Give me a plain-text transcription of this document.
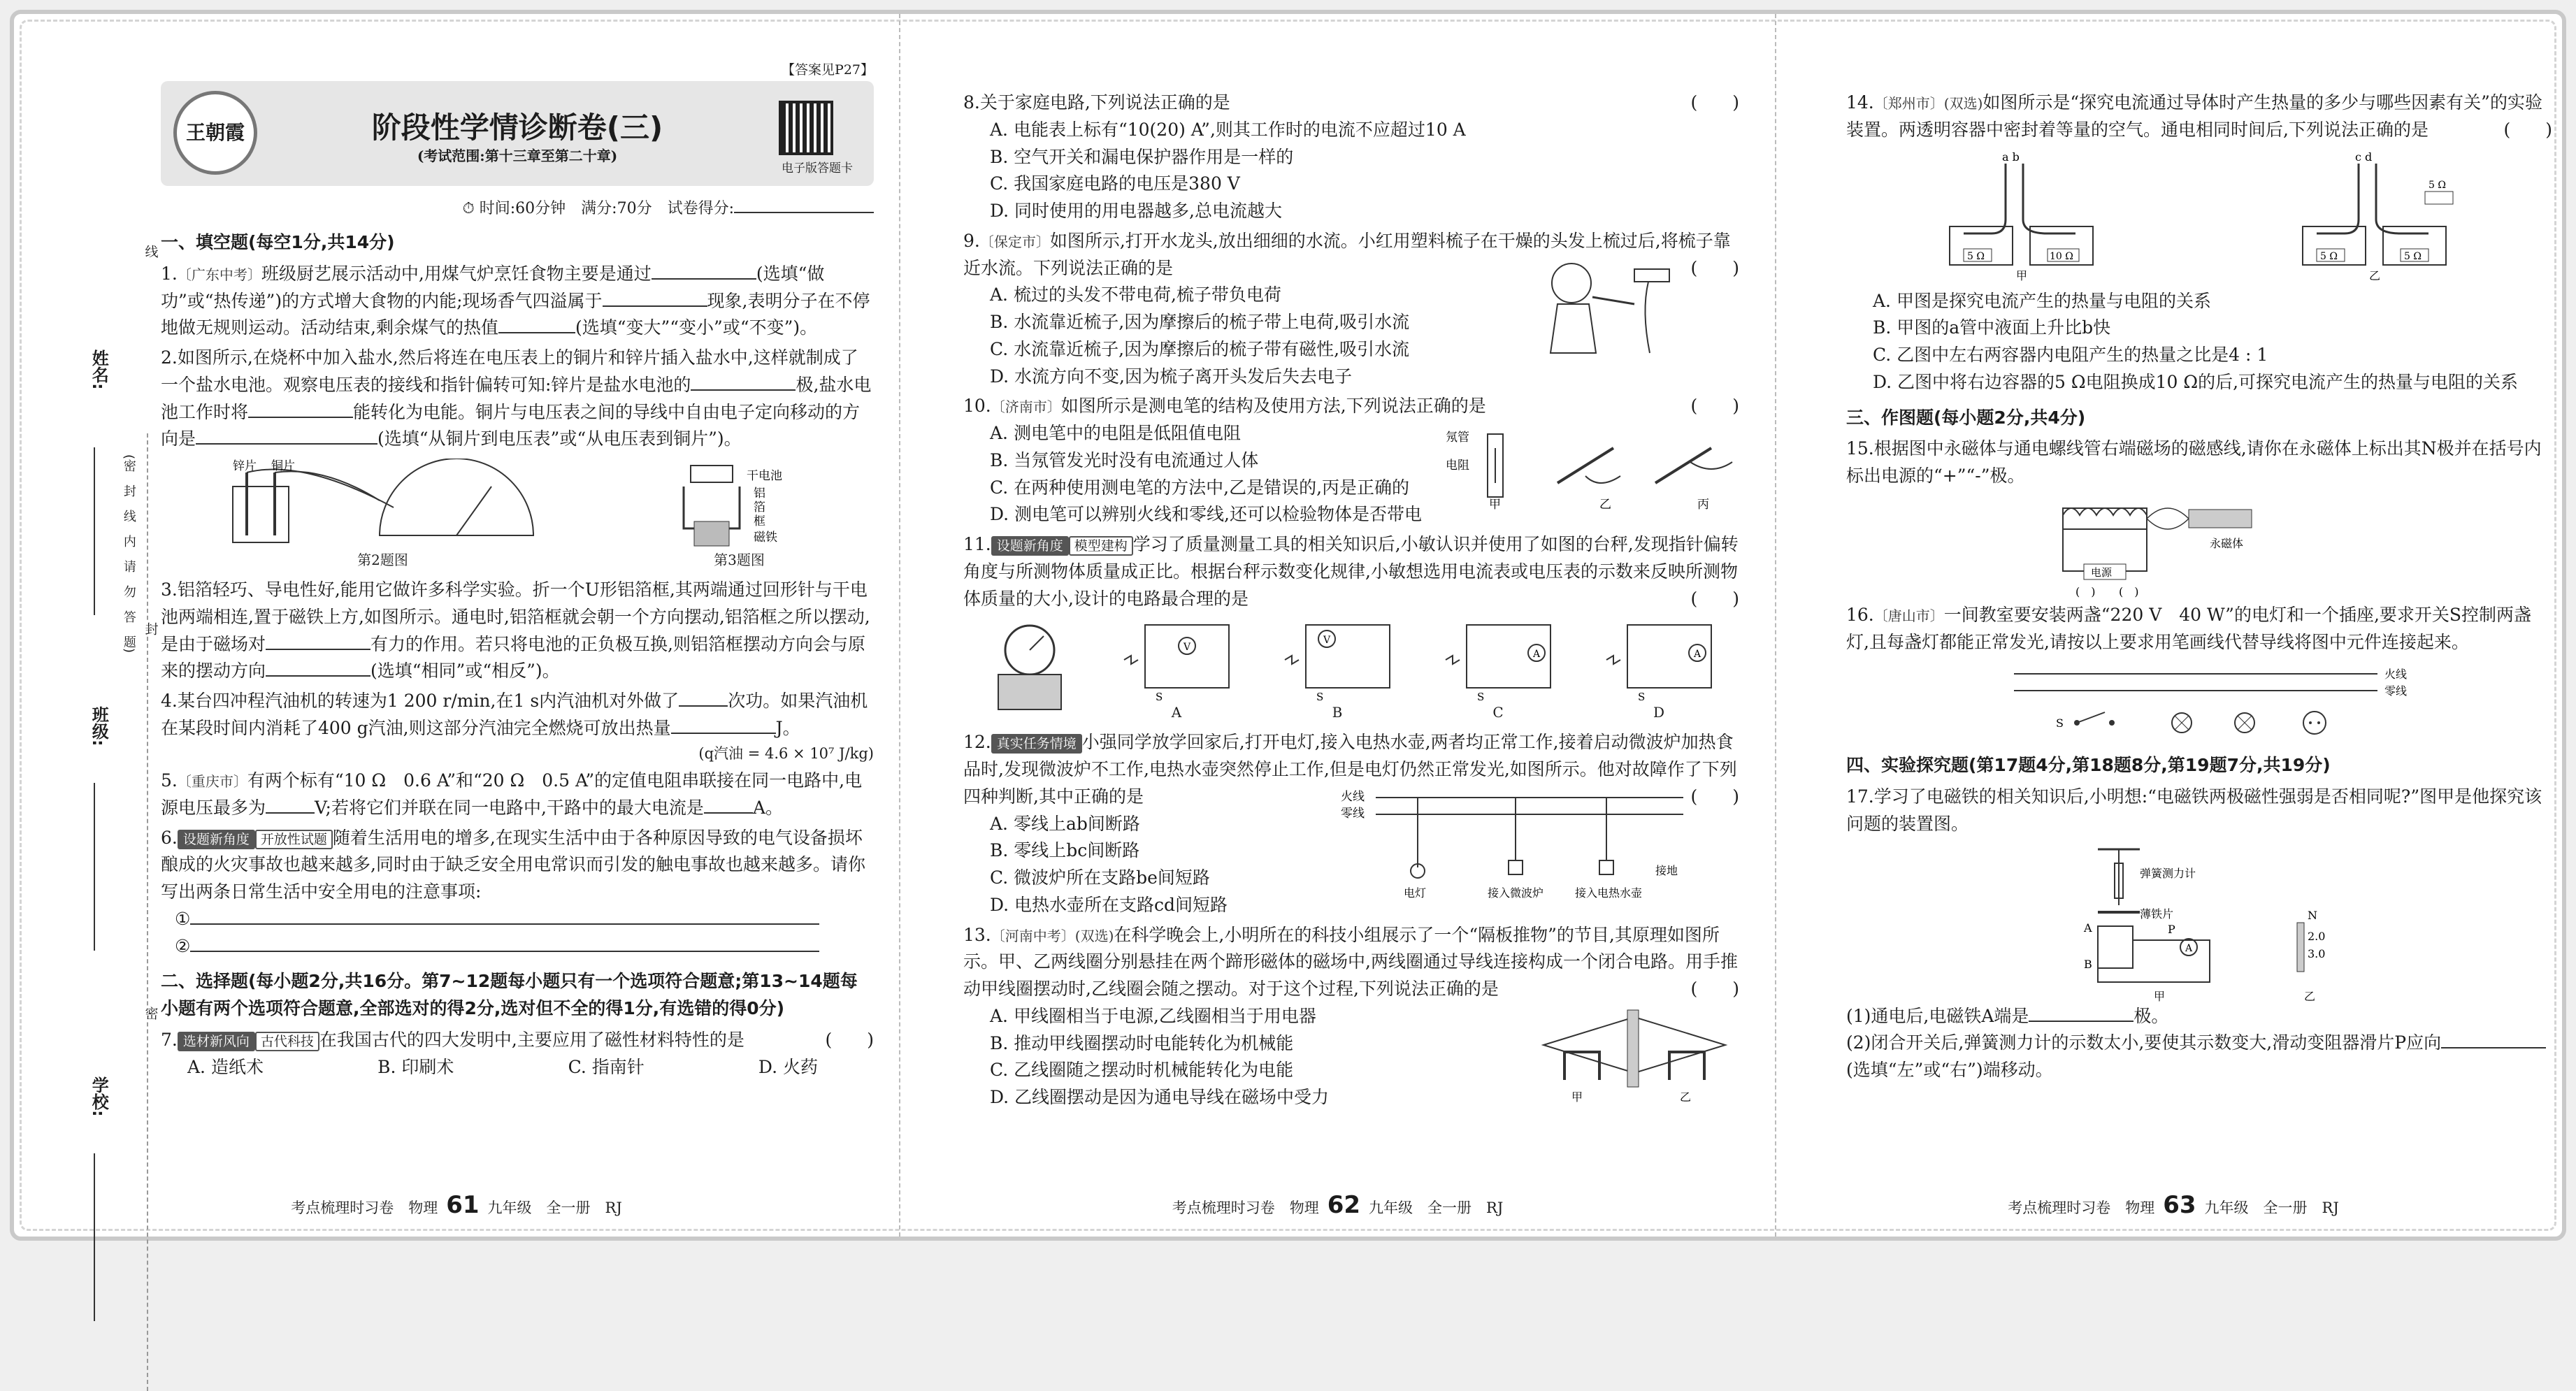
姓名:
班级:
学校:
(密　封　线　内　请　勿　答　题)
线
封
密
【答案见P27】
王朝霞	阶段性学情诊断卷(三)
(考试范围:第十三章至第二十章)
电子版答题卡
⏱ 时间:60分钟　满分:70分　试卷得分:
一、填空题(每空1分,共14分)
1.〔广东中考〕班级厨艺展示活动中,用煤气炉烹饪食物主要是通过	(选填“做功”或“热传递”)的方式增大食物的内能;现场香气四溢属于	现象,表明分子在不停地做无规则运动。活动结束,剩余煤气的热值	(选填“变大”“变小”或“不变”)。
2.如图所示,在烧杯中加入盐水,然后将连在电压表上的铜片和锌片插入盐水中,这样就制成了一个盐水电池。观察电压表的接线和指针偏转可知:锌片是盐水电池的	极,盐水电池工作时将	能转化为电能。铜片与电压表之间的导线中自由电子定向移动的方向是	(选填“从铜片到电压表”或“从电压表到铜片”)。
锌片 铜片
第2题图
干电池
铝
箔
框
磁铁
第3题图
3.铝箔轻巧、导电性好,能用它做许多科学实验。折一个U形铝箔框,其两端通过回形针与干电池两端相连,置于磁铁上方,如图所示。通电时,铝箔框就会朝一个方向摆动,铝箔框之所以摆动,是由于磁场对	有力的作用。若只将电池的正负极互换,则铝箔框摆动方向会与原来的摆动方向	(选填“相同”或“相反”)。
4.某台四冲程汽油机的转速为1 200 r/min,在1 s内汽油机对外做了	次功。如果汽油机在某段时间内消耗了400 g汽油,则这部分汽油完全燃烧可放出热量	J。
(q汽油 = 4.6 × 10⁷ J/kg)
5.〔重庆市〕有两个标有“10 Ω　0.6 A”和“20 Ω　0.5 A”的定值电阻串联接在同一电路中,电源电压最多为	V;若将它们并联在同一电路中,干路中的最大电流是	A。
6. 设题新角度 开放性试题 随着生活用电的增多,在现实生活中由于各种原因导致的电气设备损坏酿成的火灾事故也越来越多,同时由于缺乏安全用电常识而引发的触电事故也越来越多。请你写出两条日常生活中安全用电的注意事项:
①
②
二、选择题(每小题2分,共16分。第7~12题每小题只有一个选项符合题意;第13~14题每小题有两个选项符合题意,全部选对的得2分,选对但不全的得1分,有选错的得0分)
7. 选材新风向 古代科技 在我国古代的四大发明中,主要应用了磁性材料特性的是	(　　)
A. 造纸术	B. 印刷术	C. 指南针	D. 火药
考点梳理时习卷　物理 61 九年级　全一册　RJ
8.关于家庭电路,下列说法正确的是	(　　)
A. 电能表上标有“10(20) A”,则其工作时的电流不应超过10 A
B. 空气开关和漏电保护器作用是一样的
C. 我国家庭电路的电压是380 V
D. 同时使用的用电器越多,总电流越大
9.〔保定市〕如图所示,打开水龙头,放出细细的水流。小红用塑料梳子在干燥的头发上梳过后,将梳子靠近水流。下列说法正确的是	(　　)
A. 梳过的头发不带电荷,梳子带负电荷
B. 水流靠近梳子,因为摩擦后的梳子带上电荷,吸引水流
C. 水流靠近梳子,因为摩擦后的梳子带有磁性,吸引水流
D. 水流方向不变,因为梳子离开头发后失去电子
10.〔济南市〕如图所示是测电笔的结构及使用方法,下列说法正确的是	(　　)
氖管
电阻
甲	乙	丙
A. 测电笔中的电阻是低阻值电阻
B. 当氖管发光时没有电流通过人体
C. 在两种使用测电笔的方法中,乙是错误的,丙是正确的
D. 测电笔可以辨别火线和零线,还可以检验物体是否带电
11. 设题新角度 模型建构 学习了质量测量工具的相关知识后,小敏认识并使用了如图的台秤,发现指针偏转角度与所测物体质量成正比。根据台秤示数变化规律,小敏想选用电流表或电压表的示数来反映所测物体质量的大小,设计的电路最合理的是	(　　)
V
S
A
V
S
B
A
S
C
A
S
D
12. 真实任务情境 小强同学放学回家后,打开电灯,接入电热水壶,两者均正常工作,接着启动微波炉加热食品时,发现微波炉不工作,电热水壶突然停止工作,但是电灯仍然正常发光,如图所示。他对故障作了下列四种判断,其中正确的是	(　　)
火线
零线
电灯	接入微波炉	接入电热水壶
接地
A. 零线上ab间断路
B. 零线上bc间断路
C. 微波炉所在支路be间短路
D. 电热水壶所在支路cd间短路
13.〔河南中考〕(双选)在科学晚会上,小明所在的科技小组展示了一个“隔板推物”的节目,其原理如图所示。甲、乙两线圈分别悬挂在两个蹄形磁体的磁场中,两线圈通过导线连接构成一个闭合电路。用手推动甲线圈摆动时,乙线圈会随之摆动。对于这个过程,下列说法正确的是	(　　)
甲	乙
A. 甲线圈相当于电源,乙线圈相当于用电器
B. 推动甲线圈摆动时电能转化为机械能
C. 乙线圈随之摆动时机械能转化为电能
D. 乙线圈摆动是因为通电导线在磁场中受力
考点梳理时习卷　物理 62 九年级　全一册　RJ
14.〔郑州市〕(双选)如图所示是“探究电流通过导体时产生热量的多少与哪些因素有关”的实验装置。两透明容器中密封着等量的空气。通电相同时间后,下列说法正确的是	(　　)
a b
5 Ω	10 Ω
甲
c d
5 Ω	5 Ω
5 Ω
乙
A. 甲图是探究电流产生的热量与电阻的关系
B. 甲图的a管中液面上升比b快
C. 乙图中左右两容器内电阻产生的热量之比是4 : 1
D. 乙图中将右边容器的5 Ω电阻换成10 Ω的后,可探究电流产生的热量与电阻的关系
三、作图题(每小题2分,共4分)
15.根据图中永磁体与通电螺线管右端磁场的磁感线,请你在永磁体上标出其N极并在括号内标出电源的“+”“-”极。
永磁体
电源
(　) (　)
16.〔唐山市〕一间教室要安装两盏“220 V　40 W”的电灯和一个插座,要求开关S控制两盏灯,且每盏灯都能正常发光,请按以上要求用笔画线代替导线将图中元件连接起来。
火线
零线
S
四、实验探究题(第17题4分,第18题8分,第19题7分,共19分)
17.学习了电磁铁的相关知识后,小明想:“电磁铁两极磁性强弱是否相同呢?”图甲是他探究该问题的装置图。
弹簧测力计
薄铁片
A
B
A
P
甲
N
2.0
3.0
乙
(1)通电后,电磁铁A端是	极。
(2)闭合开关后,弹簧测力计的示数太小,要使其示数变大,滑动变阻器滑片P应向(选填“左”或“右”)端移动。
考点梳理时习卷　物理 63 九年级　全一册　RJ
